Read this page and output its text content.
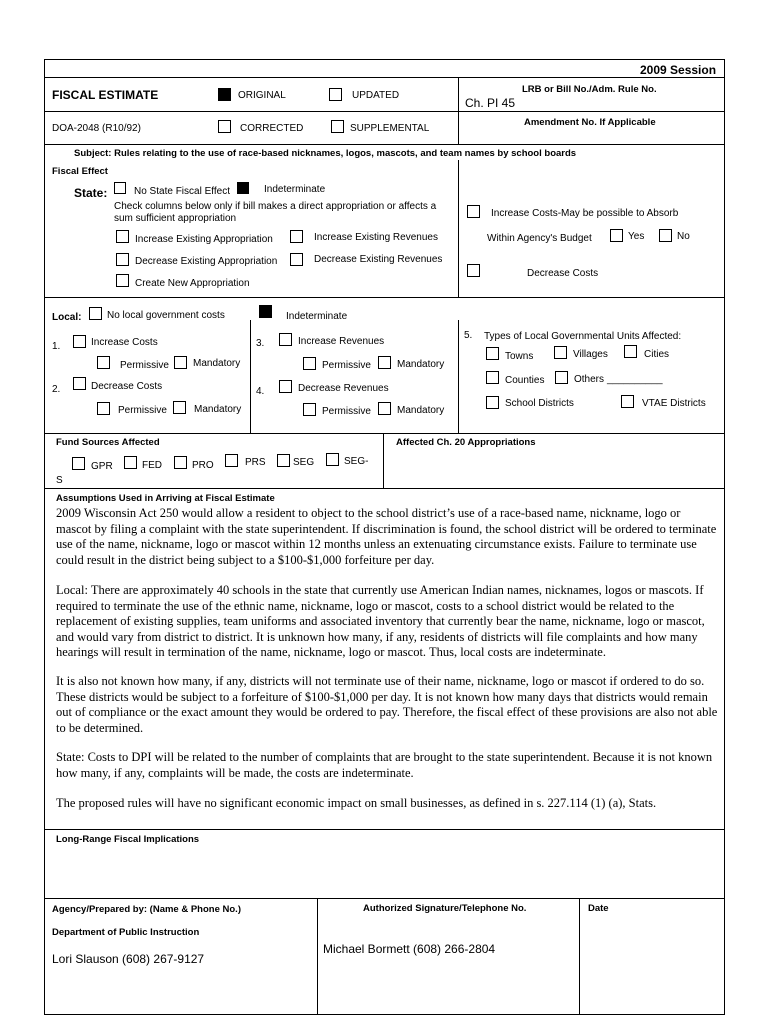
2009 Session
FISCAL ESTIMATE	ORIGINAL	UPDATED
DOA-2048 (R10/92)	CORRECTED	SUPPLEMENTAL
LRB or Bill No./Adm. Rule No.
Ch. PI 45
Amendment No. If Applicable
Subject: Rules relating to the use of race-based nicknames, logos, mascots, and team names by school boards
Fiscal Effect
State:	No State Fiscal Effect	Indeterminate
Check columns below only if bill makes a direct appropriation or affects a
sum sufficient appropriation
Increase Existing Appropriation	Increase Existing Revenues
Decrease Existing Appropriation	Decrease Existing Revenues
Create New Appropriation
Increase Costs-May be possible to Absorb
Within Agency's Budget	Yes	No
Decrease Costs
Local:	No local government costs	Indeterminate
1.	Increase Costs
Permissive Mandatory
2.	Decrease Costs
Permissive	Mandatory
3.	Increase Revenues
Permissive	Mandatory
4.	Decrease Revenues
Permissive	Mandatory
5. Types of Local Governmental Units Affected:
Towns	Villages	Cities
Counties	Others __________
School Districts	VTAE Districts
Fund Sources Affected	Affected Ch. 20 Appropriations
GPR	FED	PRO	PRS	SEG	SEG-
S
Assumptions Used in Arriving at Fiscal Estimate
2009 Wisconsin Act 250 would allow a resident to object to the school district’s use of a race-based name, nickname, logo or mascot by filing a complaint with the state superintendent. If discrimination is found, the school district will be ordered to terminate use of the name, nickname, logo or mascot within 12 months unless an extenuating circumstance exists. Failure to terminate use could result in the district being subject to a $100-$1,000 forfeiture per day.
Local: There are approximately 40 schools in the state that currently use American Indian names, nicknames, logos or mascots. If required to terminate the use of the ethnic name, nickname, logo or mascot, costs to a school district would be related to the replacement of existing supplies, team uniforms and associated inventory that currently bear the name, nickname, logo or mascot, and would vary from district to district. It is unknown how many, if any, residents of districts will file complaints and how many hearings will result in termination of the name, nickname, logo or mascot. Thus, local costs are indeterminate.
It is also not known how many, if any, districts will not terminate use of their name, nickname, logo or mascot if ordered to do so. These districts would be subject to a forfeiture of $100-$1,000 per day. It is not known how many days that districts would remain out of compliance or the exact amount they would be ordered to pay. Therefore, the fiscal effect of these provisions are also not able to be determined.
State: Costs to DPI will be related to the number of complaints that are brought to the state superintendent. Because it is not known how many, if any, complaints will be made, the costs are indeterminate.
The proposed rules will have no significant economic impact on small businesses, as defined in s. 227.114 (1) (a), Stats.
Long-Range Fiscal Implications
Agency/Prepared by: (Name & Phone No.)
Department of Public Instruction
Lori Slauson (608) 267-9127
Authorized Signature/Telephone No.
Michael Bormett (608) 266-2804
Date
